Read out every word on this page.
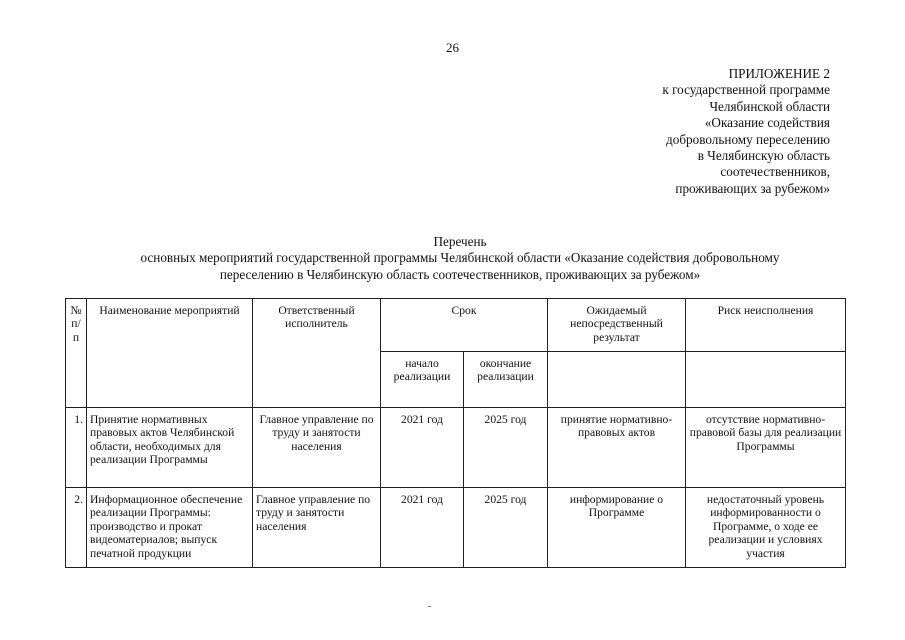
26
ПРИЛОЖЕНИЕ 2
к государственной программе
Челябинской области
«Оказание содействия
добровольному переселению
в Челябинскую область
соотечественников,
проживающих за рубежом»
Перечень
основных мероприятий государственной программы Челябинской области «Оказание содействия добровольному
переселению в Челябинскую область соотечественников, проживающих за рубежом»
№ п/п	Наименование мероприятий	Ответственный исполнитель	Срок		Ожидаемый непосредственный результат	Риск неисполнения
			начало реализации	окончание реализации		
1.	Принятие нормативных правовых актов Челябинской области, необходимых для реализации Программы	Главное управление по труду и занятости населения	2021 год	2025 год	принятие нормативно-правовых актов	отсутствие нормативно-правовой базы для реализации Программы
2.	Информационное обеспечение реализации Программы: производство и прокат видеоматериалов; выпуск печатной продукции	Главное управление по труду и занятости населения	2021 год	2025 год	информирование о Программе	недостаточный уровень информированности о Программе, о ходе ее реализации и условиях участия
